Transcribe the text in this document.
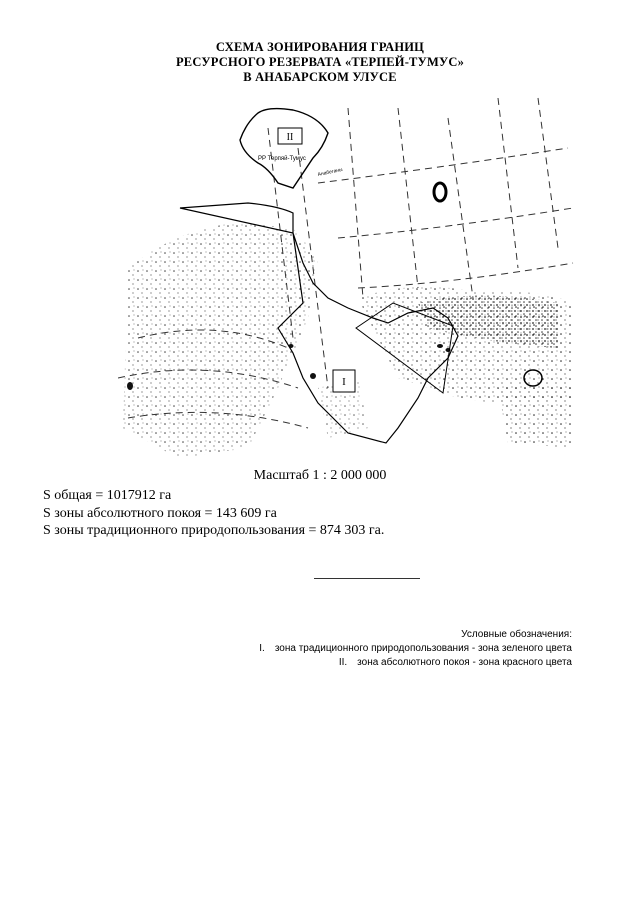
СХЕМА ЗОНИРОВАНИЯ ГРАНИЦ
РЕСУРСНОГО РЕЗЕРВАТА «ТЕРПЕЙ-ТУМУС»
В АНАБАРСКОМ УЛУСЕ
II
I
РР Терпяй-Тумус
Анабеганы
Масштаб 1 : 2 000 000
S общая = 1017912 га
S зоны абсолютного покоя = 143 609 га
S зоны традиционного природопользования = 874 303 га.
Условные обозначения:
I. зона традиционного природопользования - зона зеленого цвета
II. зона абсолютного покоя - зона красного цвета
